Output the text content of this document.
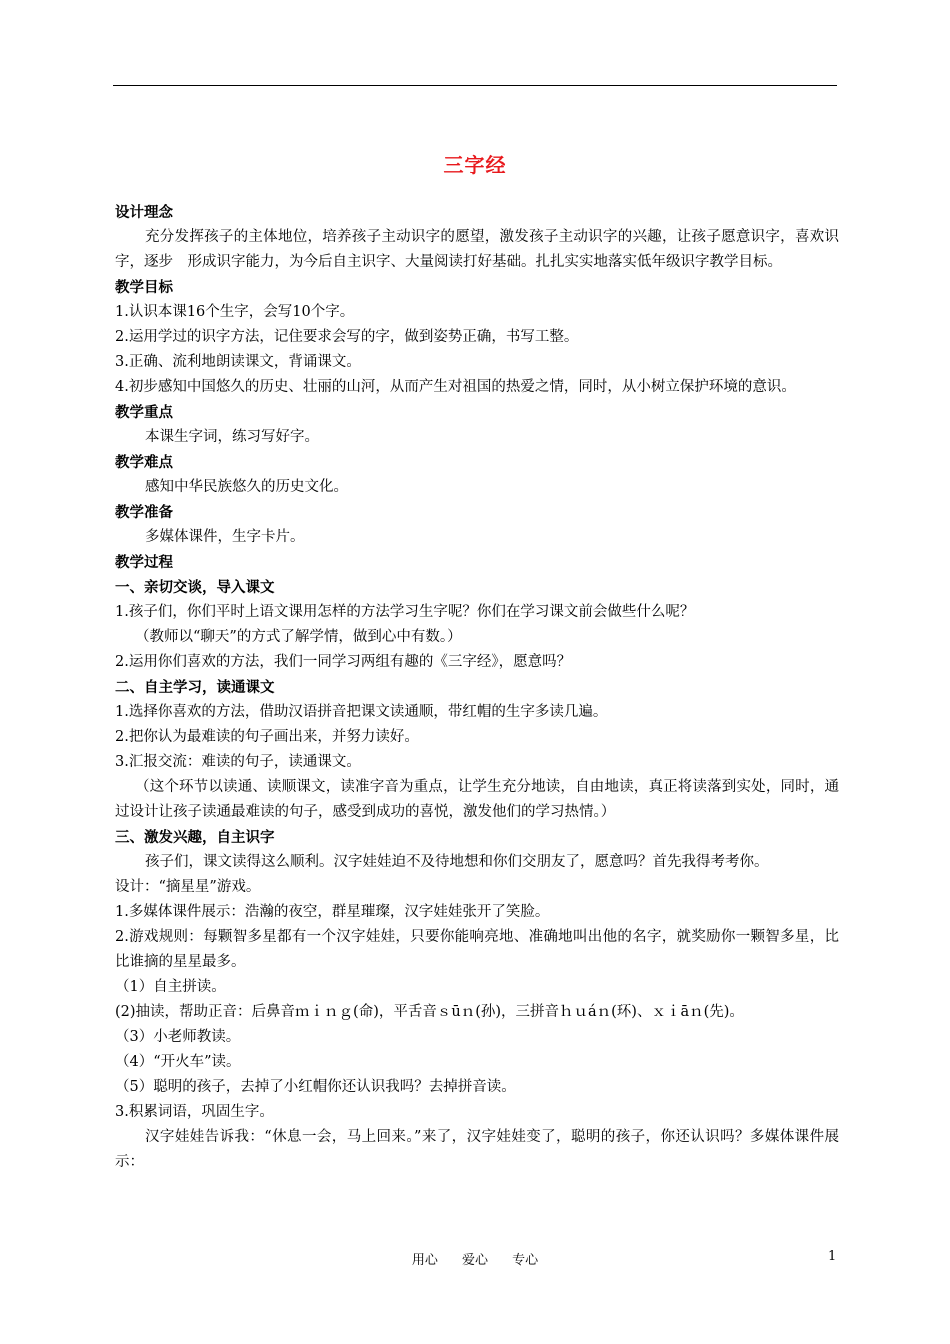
三字经

设计理念

充分发挥孩子的主体地位，培养孩子主动识字的愿望，激发孩子主动识字的兴趣，让孩子愿意识字，喜欢识字，逐步　形成识字能力，为今后自主识字、大量阅读打好基础。扎扎实实地落实低年级识字教学目标。

教学目标

1.认识本课16个生字，会写10个字。

2.运用学过的识字方法，记住要求会写的字，做到姿势正确，书写工整。

3.正确、流利地朗读课文，背诵课文。

4.初步感知中国悠久的历史、壮丽的山河，从而产生对祖国的热爱之情，同时，从小树立保护环境的意识。

教学重点

本课生字词，练习写好字。

教学难点

感知中华民族悠久的历史文化。

教学准备

多媒体课件，生字卡片。

教学过程

一、亲切交谈，导入课文

1.孩子们，你们平时上语文课用怎样的方法学习生字呢？你们在学习课文前会做些什么呢？

（教师以“聊天”的方式了解学情，做到心中有数。）

2.运用你们喜欢的方法，我们一同学习两组有趣的《三字经》，愿意吗？

二、自主学习，读通课文

1.选择你喜欢的方法，借助汉语拼音把课文读通顺，带红帽的生字多读几遍。

2.把你认为最难读的句子画出来，并努力读好。

3.汇报交流：难读的句子，读通课文。

（这个环节以读通、读顺课文，读准字音为重点，让学生充分地读，自由地读，真正将读落到实处，同时，通过设计让孩子读通最难读的句子，感受到成功的喜悦，激发他们的学习热情。）

三、激发兴趣，自主识字

孩子们，课文读得这么顺利。汉字娃娃迫不及待地想和你们交朋友了，愿意吗？首先我得考考你。

设计：“摘星星”游戏。

1.多媒体课件展示：浩瀚的夜空，群星璀璨，汉字娃娃张开了笑脸。

2.游戏规则：每颗智多星都有一个汉字娃娃，只要你能响亮地、准确地叫出他的名字，就奖励你一颗智多星，比比谁摘的星星最多。

（1）自主拼读。

(2)抽读，帮助正音：后鼻音ｍｉｎｇ(命)，平舌音ｓūｎ(孙)，三拼音ｈｕáｎ(环)、ｘｉāｎ(先)。

（3）小老师教读。

（4）“开火车”读。

（5）聪明的孩子，去掉了小红帽你还认识我吗？去掉拼音读。

3.积累词语，巩固生字。

汉字娃娃告诉我：“休息一会，马上回来。”来了，汉字娃娃变了，聪明的孩子，你还认识吗？多媒体课件展示：

用心 爱心 专心	1
